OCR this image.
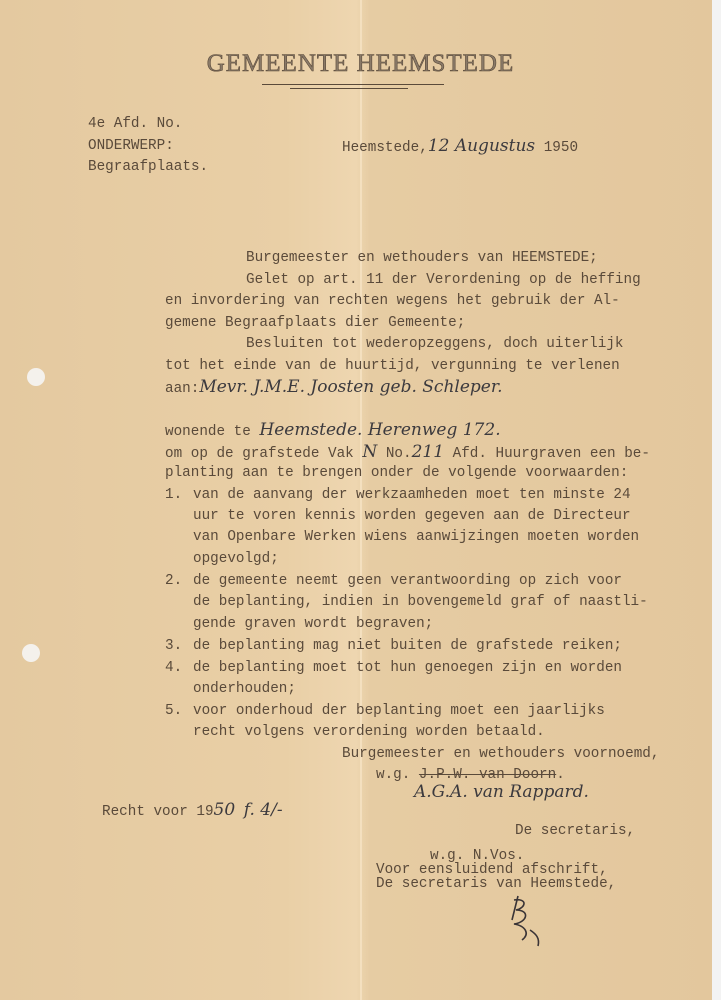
GEMEENTE HEEMSTEDE
4e Afd. No.
ONDERWERP:
Begraafplaats.
Heemstede,12 Augustus 1950
Burgemeester en wethouders van HEEMSTEDE;
Gelet op art. 11 der Verordening op de heffing
en invordering van rechten wegens het gebruik der Al-
gemene Begraafplaats dier Gemeente;
Besluiten tot wederopzeggens, doch uiterlijk
tot het einde van de huurtijd, vergunning te verlenen
aan:Mevr. J.M.E. Joosten geb. Schleper.
wonende te Heemstede. Herenweg 172.
om op de grafstede Vak N No.211 Afd. Huurgraven een be-
planting aan te brengen onder de volgende voorwaarden:
1. van de aanvang der werkzaamheden moet ten minste 24
uur te voren kennis worden gegeven aan de Directeur
van Openbare Werken wiens aanwijzingen moeten worden
opgevolgd;
2. de gemeente neemt geen verantwoording op zich voor
de beplanting, indien in bovengemeld graf of naastli-
gende graven wordt begraven;
3. de beplanting mag niet buiten de grafstede reiken;
4. de beplanting moet tot hun genoegen zijn en worden
onderhouden;
5. voor onderhoud der beplanting moet een jaarlijks
recht volgens verordening worden betaald.
Burgemeester en wethouders voornoemd,
w.g. J.P.W. van Doorn.
A.G.A. van Rappard.
Recht voor 1950 f. 4/-
De secretaris,
w.g. N.Vos.
Voor eensluidend afschrift,
De secretaris van Heemstede,
